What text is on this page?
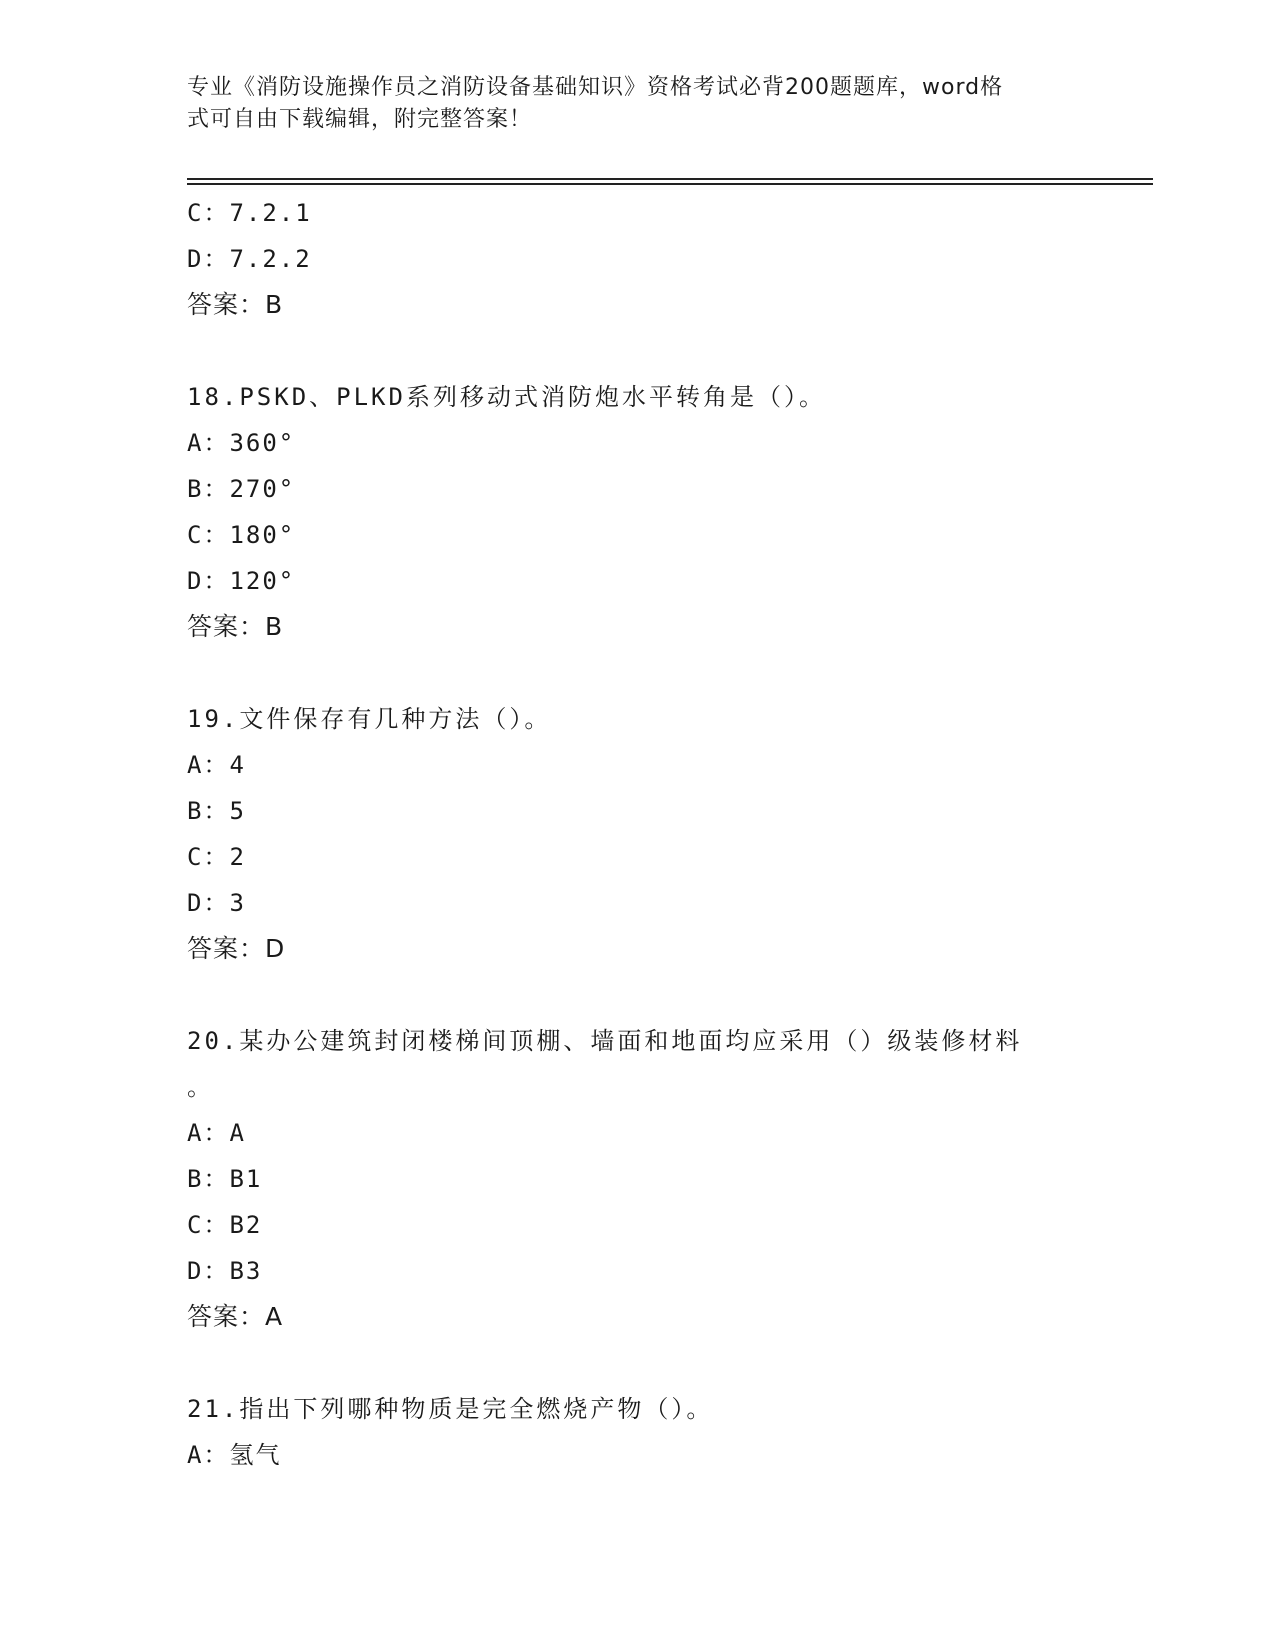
专业《消防设施操作员之消防设备基础知识》资格考试必背200题题库，word格
式可自由下载编辑，附完整答案！
C：7.2.1
D：7.2.2
答案：B
18.PSKD、PLKD系列移动式消防炮水平转角是（）。
A：360°
B：270°
C：180°
D：120°
答案：B
19.文件保存有几种方法（）。
A：4
B：5
C：2
D：3
答案：D
20.某办公建筑封闭楼梯间顶棚、墙面和地面均应采用（）级装修材料
。
A：A
B：B1
C：B2
D：B3
答案：A
21.指出下列哪种物质是完全燃烧产物（）。
A：氢气
